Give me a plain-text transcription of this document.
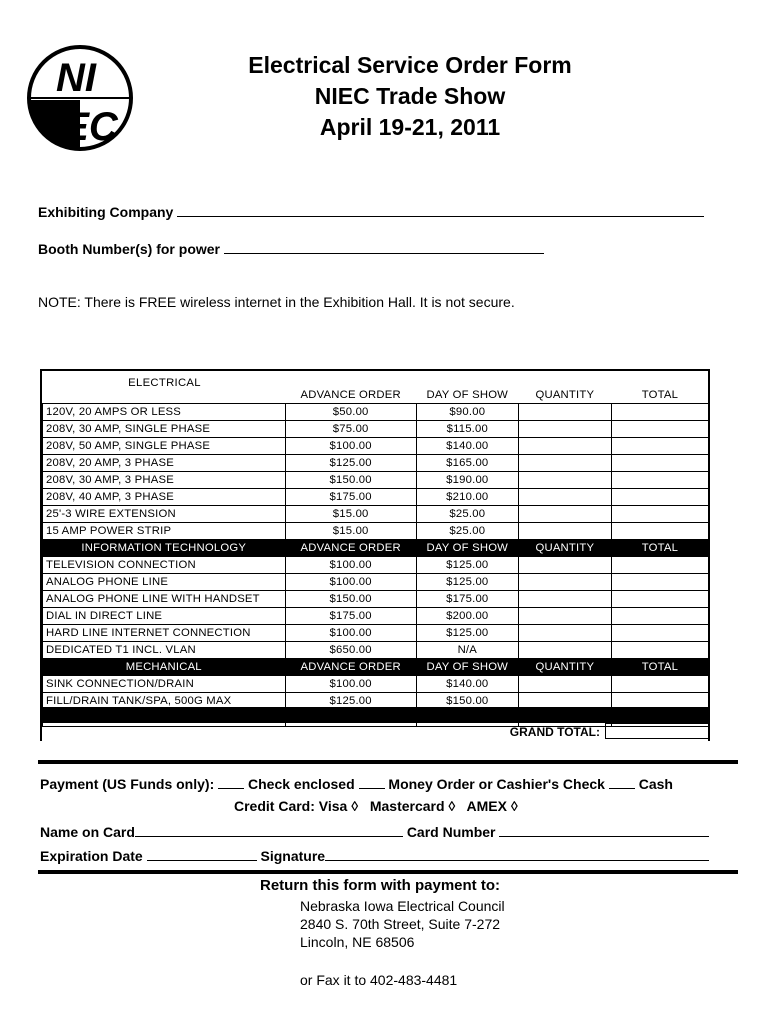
NI
EC
Electrical Service Order Form
NIEC Trade Show
April 19-21, 2011
Exhibiting Company
Booth Number(s) for power
NOTE: There is FREE wireless internet in the Exhibition Hall. It is not secure.
ELECTRICAL
	ADVANCE ORDER	DAY OF SHOW	QUANTITY	TOTAL
120V, 20 AMPS OR LESS	$50.00	$90.00		
208V, 30 AMP, SINGLE PHASE	$75.00	$115.00		
208V, 50 AMP, SINGLE PHASE	$100.00	$140.00		
208V, 20 AMP, 3 PHASE	$125.00	$165.00		
208V, 30 AMP, 3 PHASE	$150.00	$190.00		
208V, 40 AMP, 3 PHASE	$175.00	$210.00		
25'-3 WIRE EXTENSION	$15.00	$25.00		
15 AMP POWER STRIP	$15.00	$25.00		
INFORMATION TECHNOLOGY	ADVANCE ORDER	DAY OF SHOW	QUANTITY	TOTAL
TELEVISION CONNECTION	$100.00	$125.00		
ANALOG PHONE LINE	$100.00	$125.00		
ANALOG PHONE LINE WITH HANDSET	$150.00	$175.00		
DIAL IN DIRECT LINE	$175.00	$200.00		
HARD LINE INTERNET CONNECTION	$100.00	$125.00		
DEDICATED T1 INCL. VLAN	$650.00	N/A		
MECHANICAL	ADVANCE ORDER	DAY OF SHOW	QUANTITY	TOTAL
SINK CONNECTION/DRAIN	$100.00	$140.00		
FILL/DRAIN TANK/SPA, 500G MAX	$125.00	$150.00		

GRAND TOTAL:
Payment (US Funds only): Check enclosed Money Order or Cashier's Check Cash
Credit Card: Visa ◊ Mastercard ◊ AMEX ◊
Name on Card	Card Number
Expiration Date	Signature
Return this form with payment to:
Nebraska Iowa Electrical Council
2840 S. 70th Street, Suite 7-272
Lincoln, NE 68506
or Fax it to 402-483-4481
